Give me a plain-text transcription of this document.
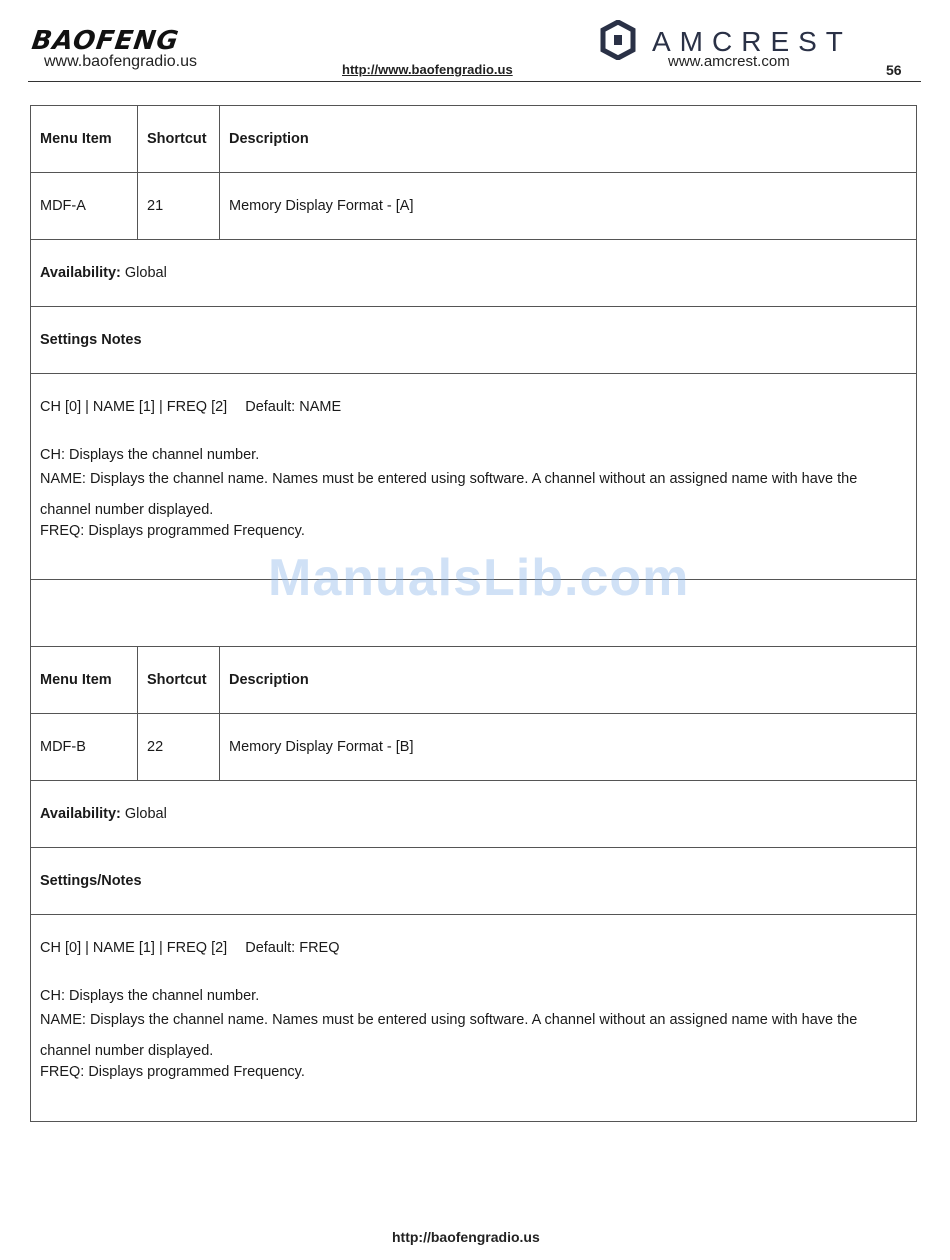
BAOFENG
www.baofengradio.us	http://www.baofengradio.us
AMCREST
www.amcrest.com	56
Menu Item	Shortcut	Description
MDF-A	21	Memory Display Format - [A]
Availability:
Global
Settings Notes
CH [0] | NAME [1] | FREQ [2] Default: NAME

CH: Displays the channel number.

NAME: Displays the channel name. Names must be entered using software. A channel without an assigned name with have the channel number displayed.

FREQ: Displays programmed Frequency.

Menu Item	Shortcut	Description
MDF-B	22	Memory Display Format - [B]
Availability:
Global
Settings/Notes
CH [0] | NAME [1] | FREQ [2] Default: FREQ

CH: Displays the channel number.

NAME: Displays the channel name. Names must be entered using software. A channel without an assigned name with have the channel number displayed.

FREQ: Displays programmed Frequency.

ManualsLib.com
http://baofengradio.us
